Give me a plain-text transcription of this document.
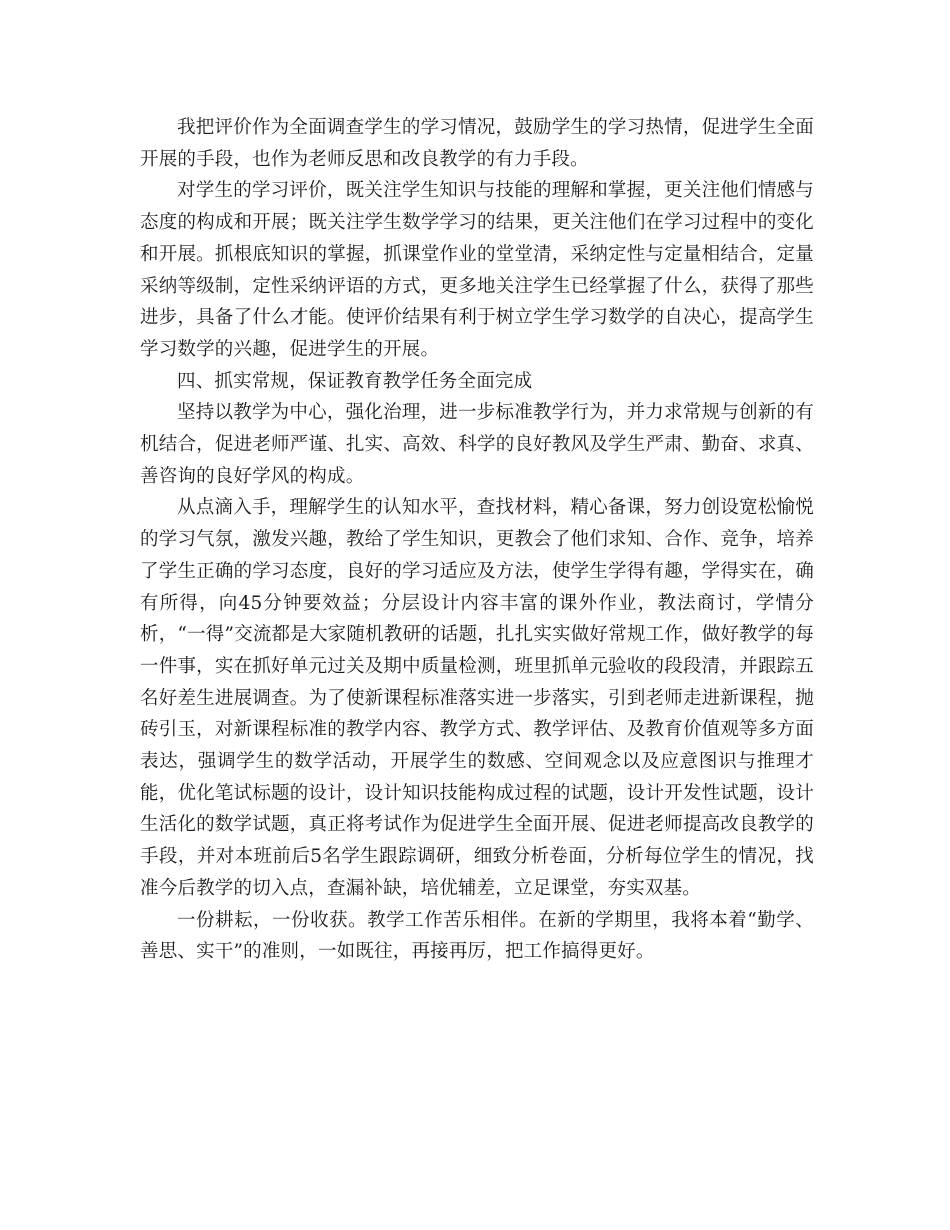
我把评价作为全面调查学生的学习情况，鼓励学生的学习热情，促进学生全面开展的手段，也作为老师反思和改良教学的有力手段。

对学生的学习评价，既关注学生知识与技能的理解和掌握，更关注他们情感与态度的构成和开展；既关注学生数学学习的结果，更关注他们在学习过程中的变化和开展。抓根底知识的掌握，抓课堂作业的堂堂清，采纳定性与定量相结合，定量采纳等级制，定性采纳评语的方式，更多地关注学生已经掌握了什么，获得了那些进步，具备了什么才能。使评价结果有利于树立学生学习数学的自决心，提高学生学习数学的兴趣，促进学生的开展。

四、抓实常规，保证教育教学任务全面完成

坚持以教学为中心，强化治理，进一步标准教学行为，并力求常规与创新的有机结合，促进老师严谨、扎实、高效、科学的良好教风及学生严肃、勤奋、求真、善咨询的良好学风的构成。

从点滴入手，理解学生的认知水平，查找材料，精心备课，努力创设宽松愉悦的学习气氛，激发兴趣，教给了学生知识，更教会了他们求知、合作、竞争，培养了学生正确的学习态度，良好的学习适应及方法，使学生学得有趣，学得实在，确有所得，向45分钟要效益；分层设计内容丰富的课外作业，教法商讨，学情分析，“一得”交流都是大家随机教研的话题，扎扎实实做好常规工作，做好教学的每一件事，实在抓好单元过关及期中质量检测，班里抓单元验收的段段清，并跟踪五名好差生进展调查。为了使新课程标准落实进一步落实，引到老师走进新课程，抛砖引玉，对新课程标准的教学内容、教学方式、教学评估、及教育价值观等多方面表达，强调学生的数学活动，开展学生的数感、空间观念以及应意图识与推理才能，优化笔试标题的设计，设计知识技能构成过程的试题，设计开发性试题，设计生活化的数学试题，真正将考试作为促进学生全面开展、促进老师提高改良教学的手段，并对本班前后5名学生跟踪调研，细致分析卷面，分析每位学生的情况，找准今后教学的切入点，查漏补缺，培优辅差，立足课堂，夯实双基。

一份耕耘，一份收获。教学工作苦乐相伴。在新的学期里，我将本着“勤学、善思、实干”的准则，一如既往，再接再厉，把工作搞得更好。
